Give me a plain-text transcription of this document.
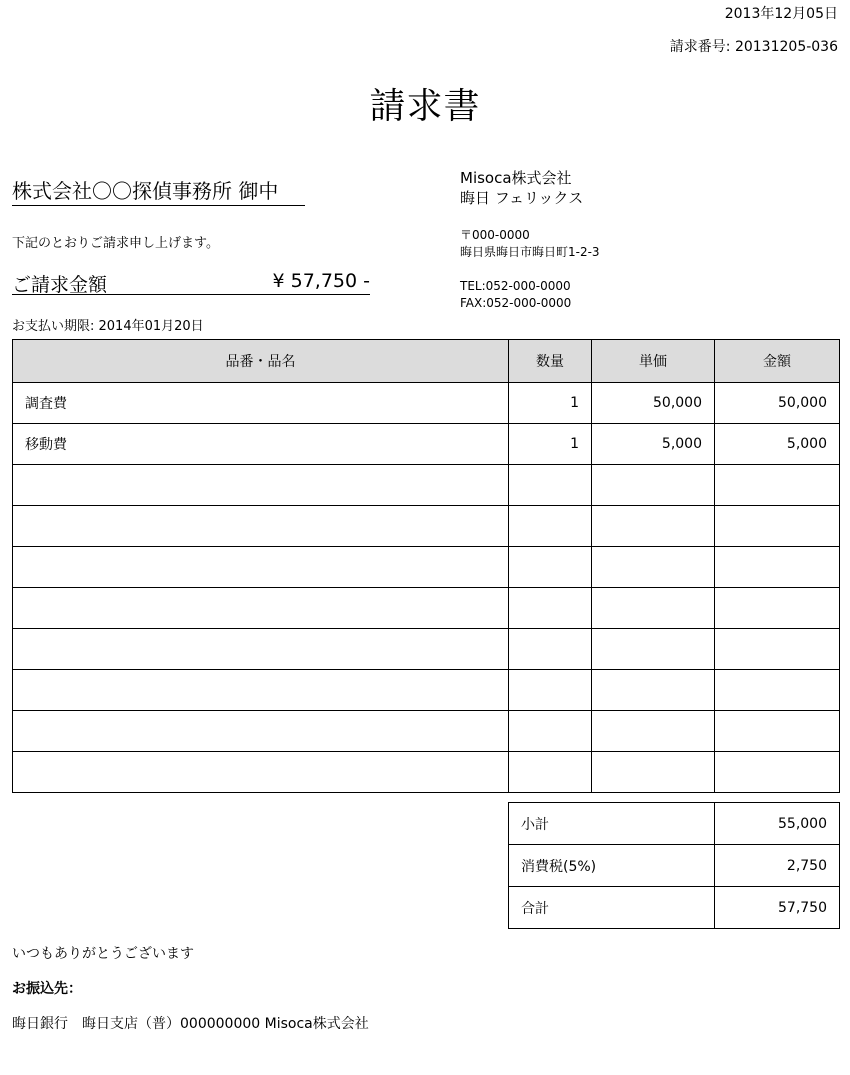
2013年12月05日
請求番号: 20131205-036
請求書
株式会社〇〇探偵事務所 御中
下記のとおりご請求申し上げます。
ご請求金額	¥ 57,750 -
お支払い期限: 2014年01月20日
Misoca株式会社
晦日 フェリックス
〒000-0000
晦日県晦日市晦日町1-2-3
TEL:052-000-0000
FAX:052-000-0000
品番・品名	数量	単価	金額
調査費	1	50,000	50,000
移動費	1	5,000	5,000

小計	55,000
消費税(5%)	2,750
合計	57,750
いつもありがとうございます
お振込先：
晦日銀行　晦日支店（普）000000000 Misoca株式会社
